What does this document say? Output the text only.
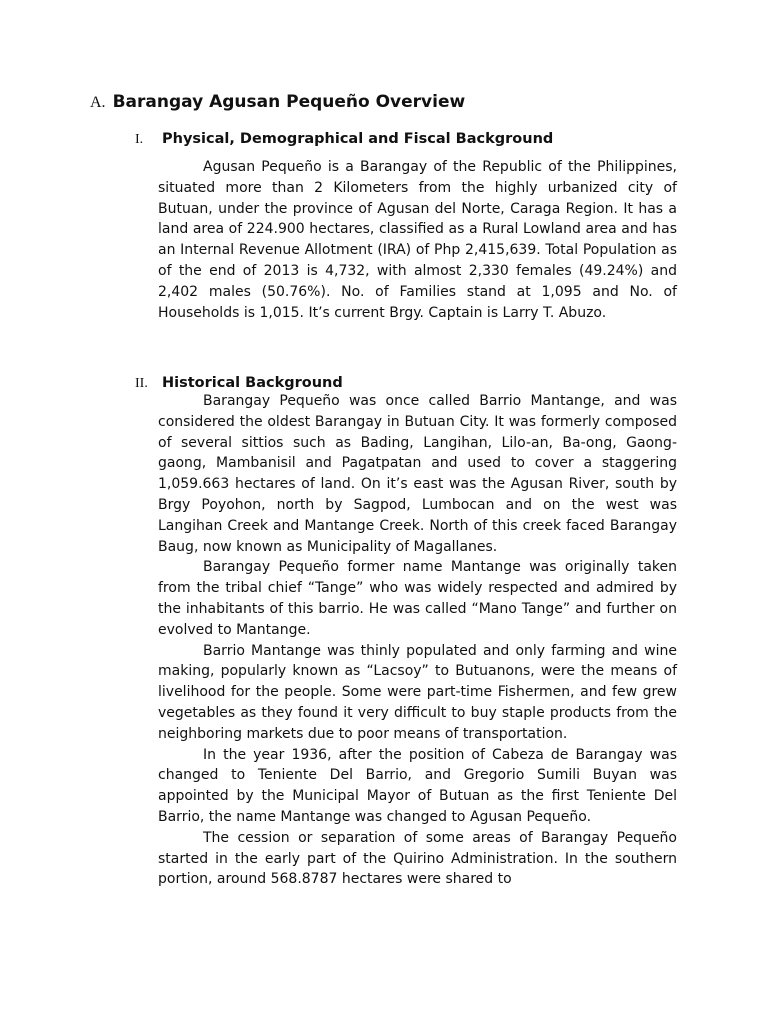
A. Barangay Agusan Pequeño Overview
I. Physical, Demographical and Fiscal Background

Agusan Pequeño is a Barangay of the Republic of the Philippines, situated more than 2 Kilometers from the highly urbanized city of Butuan, under the province of Agusan del Norte, Caraga Region. It has a land area of 224.900 hectares, classified as a Rural Lowland area and has an Internal Revenue Allotment (IRA) of Php 2,415,639. Total Population as of the end of 2013 is 4,732, with almost 2,330 females (49.24%) and 2,402 males (50.76%). No. of Families stand at 1,095 and No. of Households is 1,015. It’s current Brgy. Captain is Larry T. Abuzo.

II. Historical Background

Barangay Pequeño was once called Barrio Mantange, and was considered the oldest Barangay in Butuan City. It was formerly composed of several sittios such as Bading, Langihan, Lilo-an, Ba-ong, Gaong-gaong, Mambanisil and Pagatpatan and used to cover a staggering 1,059.663 hectares of land. On it’s east was the Agusan River, south by Brgy Poyohon, north by Sagpod, Lumbocan and on the west was Langihan Creek and Mantange Creek. North of this creek faced Barangay Baug, now known as Municipality of Magallanes.

Barangay Pequeño former name Mantange was originally taken from the tribal chief “Tange” who was widely respected and admired by the inhabitants of this barrio. He was called “Mano Tange” and further on evolved to Mantange.

Barrio Mantange was thinly populated and only farming and wine making, popularly known as “Lacsoy” to Butuanons, were the means of livelihood for the people. Some were part-time Fishermen, and few grew vegetables as they found it very difficult to buy staple products from the neighboring markets due to poor means of transportation.

In the year 1936, after the position of Cabeza de Barangay was changed to Teniente Del Barrio, and Gregorio Sumili Buyan was appointed by the Municipal Mayor of Butuan as the first Teniente Del Barrio, the name Mantange was changed to Agusan Pequeño.

The cession or separation of some areas of Barangay Pequeño started in the early part of the Quirino Administration. In the southern portion, around 568.8787 hectares were shared to
